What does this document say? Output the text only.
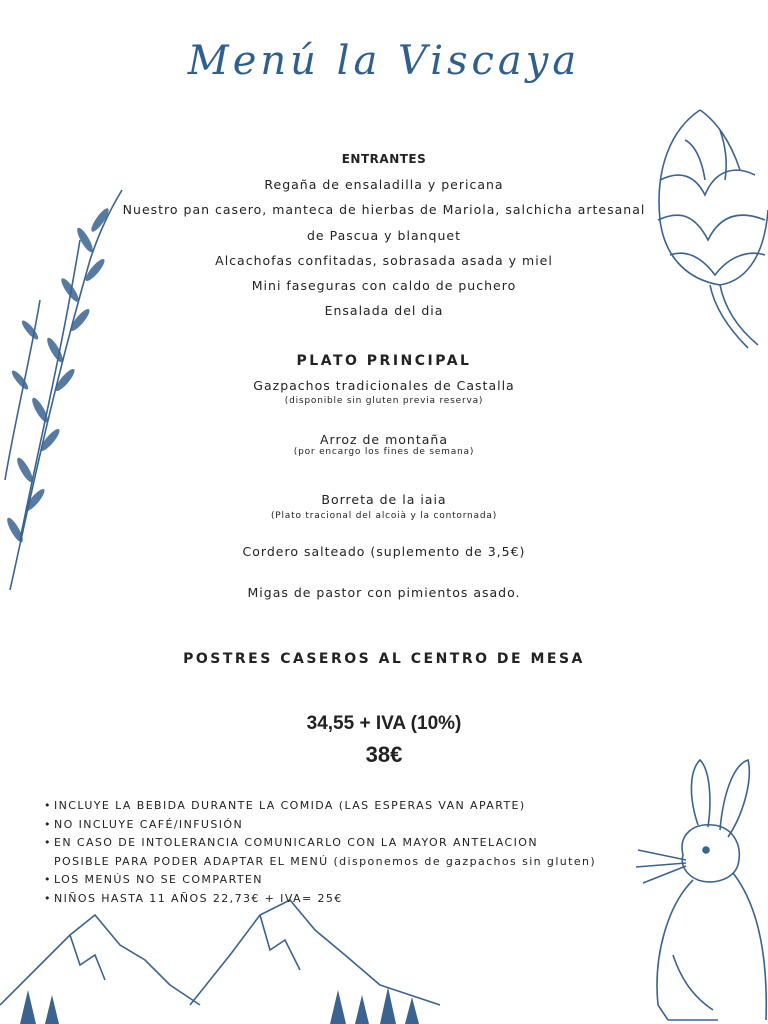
Menú la Viscaya
ENTRANTES
Regaña de ensaladilla y pericana
Nuestro pan casero, manteca de hierbas de Mariola, salchicha artesanal
de Pascua y blanquet
Alcachofas confitadas, sobrasada asada y miel
Mini faseguras con caldo de puchero
Ensalada del dia
PLATO PRINCIPAL
Gazpachos tradicionales de Castalla
(disponible sin gluten previa reserva)
Arroz de montaña
(por encargo los fines de semana)
Borreta de la iaia
(Plato tracional del alcoià y la contornada)
Cordero salteado (suplemento de 3,5€)
Migas de pastor con pimientos asado.
POSTRES CASEROS AL CENTRO DE MESA
34,55 + IVA (10%)
38€
• INCLUYE LA BEBIDA DURANTE LA COMIDA (LAS ESPERAS VAN APARTE)
• NO INCLUYE CAFÉ/INFUSIÓN
• EN CASO DE INTOLERANCIA COMUNICARLO CON LA MAYOR ANTELACION
POSIBLE PARA PODER ADAPTAR EL MENÚ (disponemos de gazpachos sin gluten)
• LOS MENÚS NO SE COMPARTEN
• NIÑOS HASTA 11 AÑOS 22,73€ + IVA= 25€
